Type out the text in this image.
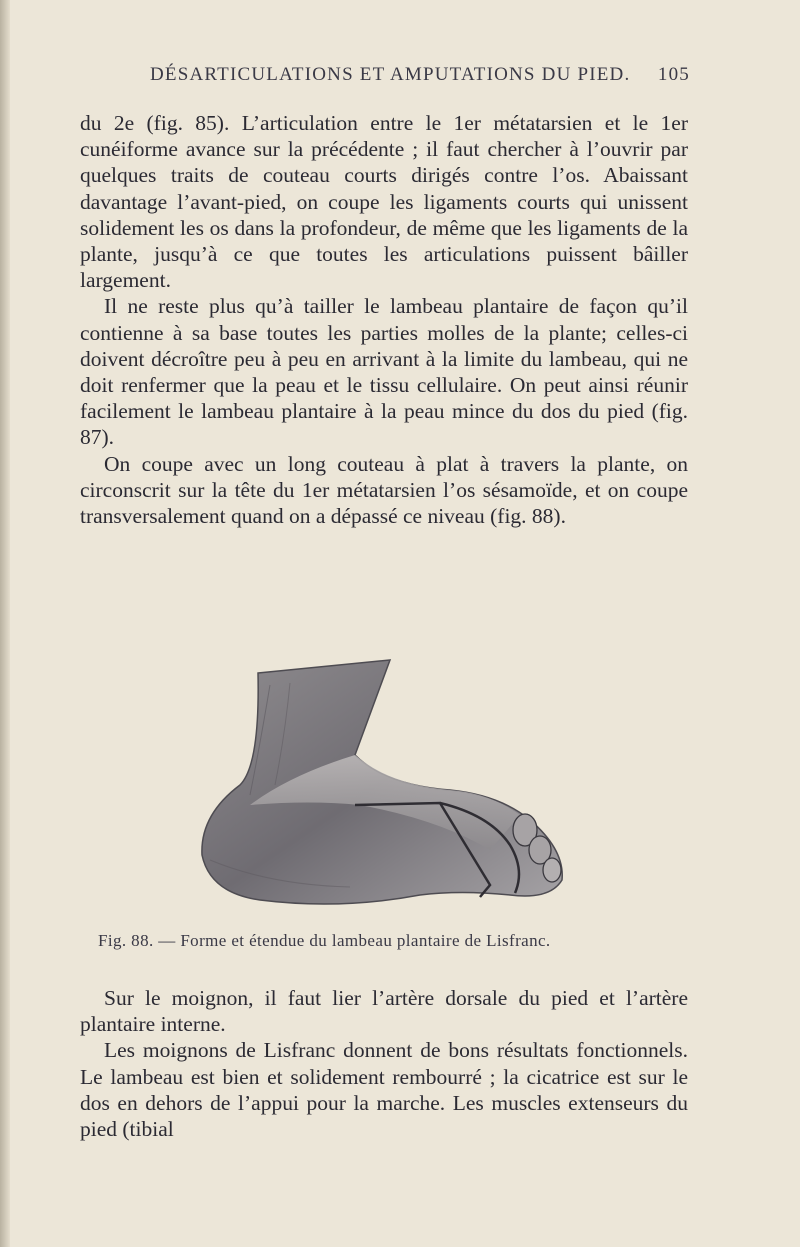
DÉSARTICULATIONS ET AMPUTATIONS DU PIED. 105

du 2e (fig. 85). L’articulation entre le 1er métatarsien et le 1er cunéiforme avance sur la précédente ; il faut chercher à l’ouvrir par quelques traits de couteau courts dirigés contre l’os. Abaissant davantage l’avant-pied, on coupe les ligaments courts qui unissent solidement les os dans la profondeur, de même que les ligaments de la plante, jusqu’à ce que toutes les articulations puissent bâiller largement.

Il ne reste plus qu’à tailler le lambeau plantaire de façon qu’il contienne à sa base toutes les parties molles de la plante; celles-ci doivent décroître peu à peu en arrivant à la limite du lambeau, qui ne doit renfermer que la peau et le tissu cellulaire. On peut ainsi réunir facilement le lambeau plantaire à la peau mince du dos du pied (fig. 87).

On coupe avec un long couteau à plat à travers la plante, on circonscrit sur la tête du 1er métatarsien l’os sésamoïde, et on coupe transversalement quand on a dépassé ce niveau (fig. 88).

Fig. 88. — Forme et étendue du lambeau plantaire de Lisfranc.

Sur le moignon, il faut lier l’artère dorsale du pied et l’artère plantaire interne.

Les moignons de Lisfranc donnent de bons résultats fonctionnels. Le lambeau est bien et solidement rembourré ; la cicatrice est sur le dos en dehors de l’appui pour la marche. Les muscles extenseurs du pied (tibial
